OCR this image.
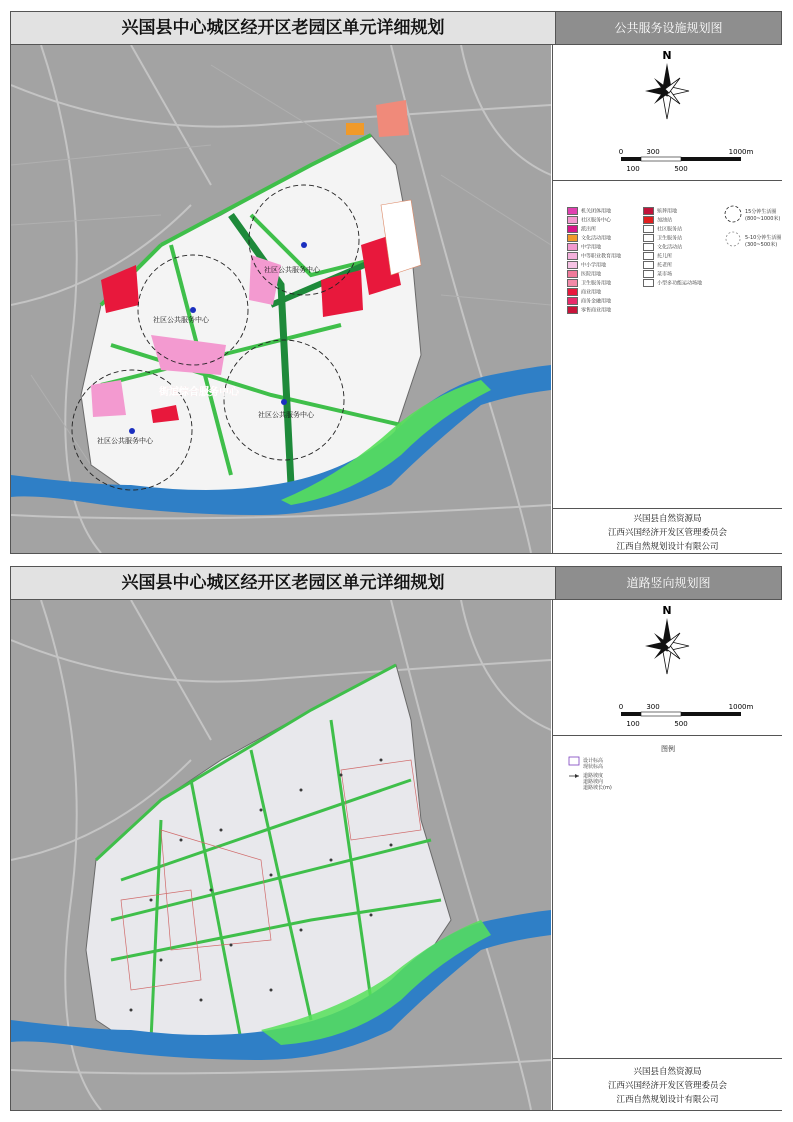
兴国县中心城区经开区老园区单元详细规划	公共服务设施规划图
社区公共服务中心
社区公共服务中心
社区公共服务中心
社区公共服务中心
街道综合服务中心
N
0	300	1000m
100	500
机关团体用地
社区服务中心
派出所
文化活动用地
中学用地
中等职业教育用地
中小学用地
医院用地
卫生服务用地
商业用地
商务金融用地
零售商业用地
殡葬用地
加油站
社区服务站
卫生服务站
文化活动站
托儿所
托老所
菜市场
小型多功能运动场地
15分钟生活圈
(800~1000米)
5-10分钟生活圈
(300~500米)
兴国县自然资源局
江西兴国经济开发区管理委员会
江西自然规划设计有限公司
兴国县中心城区经开区老园区单元详细规划	道路竖向规划图
N
0	300	1000m
100	500
图例
设计标高
现状标高
道路坡度
道路坡向
道路坡长(m)
兴国县自然资源局
江西兴国经济开发区管理委员会
江西自然规划设计有限公司
